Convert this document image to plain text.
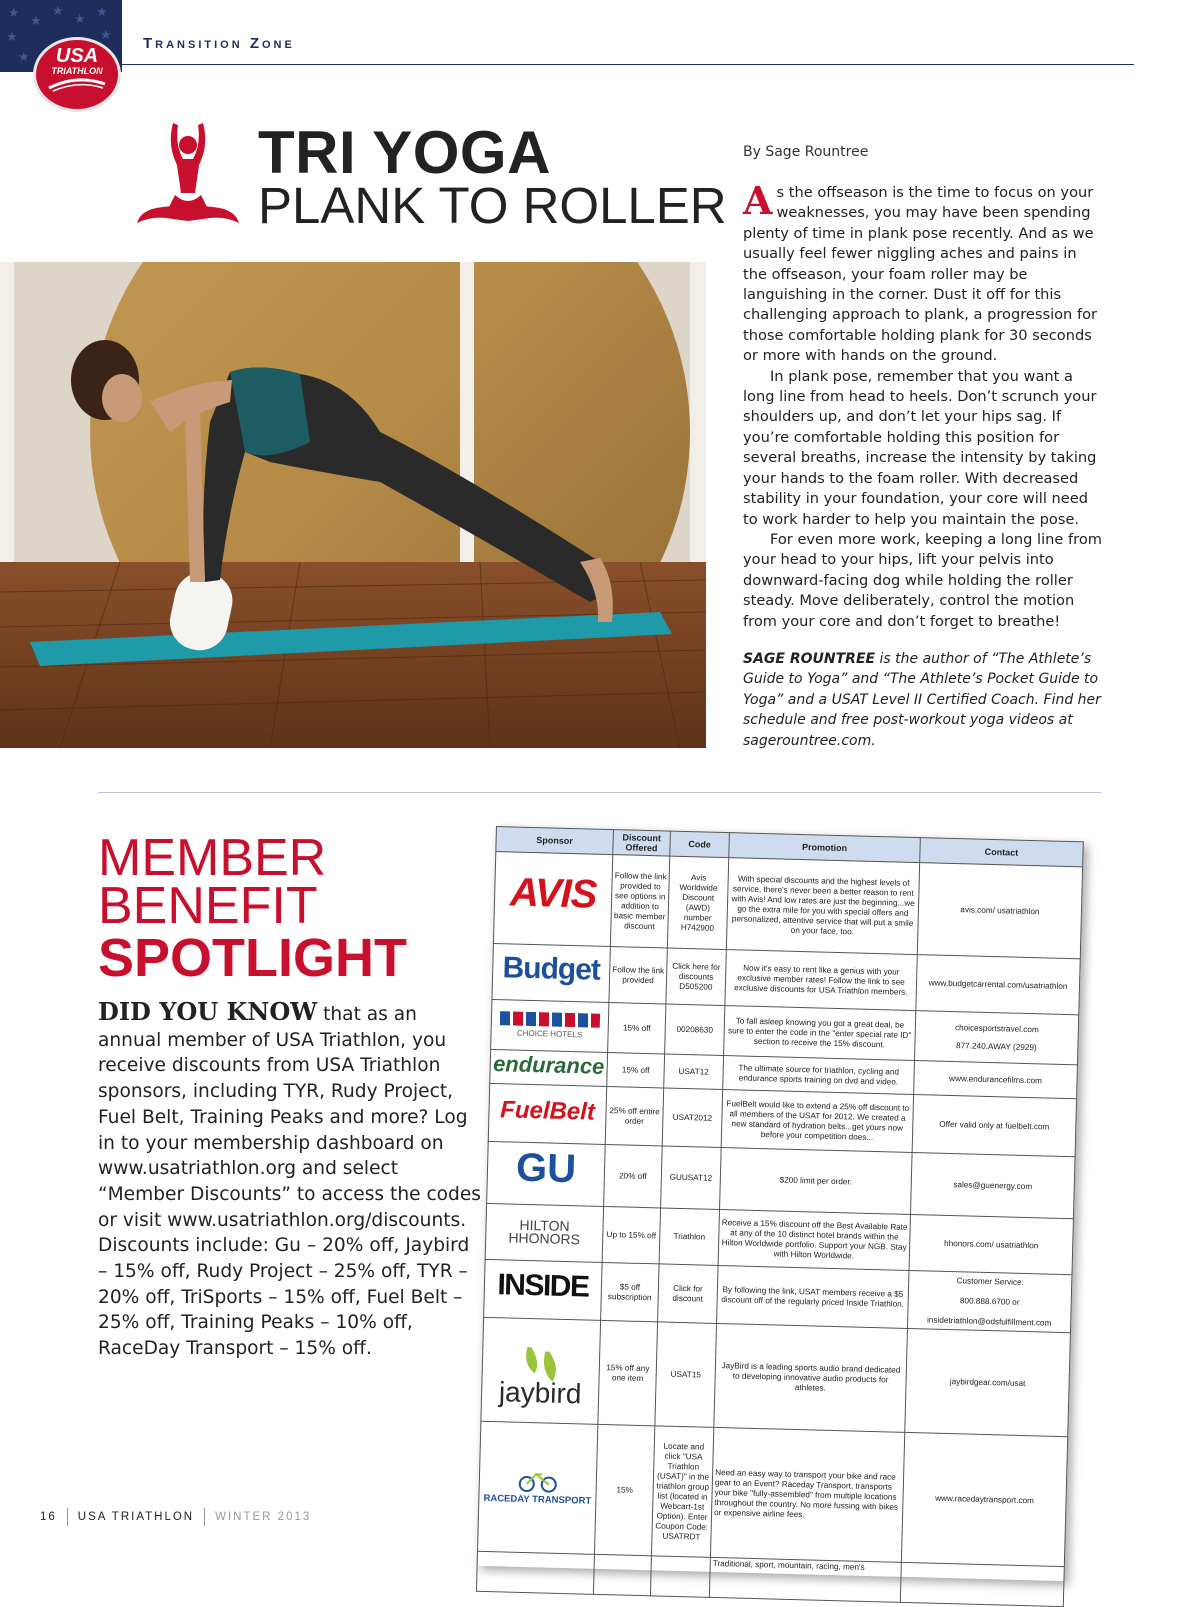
★
★
★
★ ★
★
★
★
USA
TRIATHLON
Transition Zone
TRI YOGA
PLANK TO ROLLER
By Sage Rountree

As the offseason is the time to focus on your weaknesses, you may have been spending plenty of time in plank pose recently. And as we usually feel fewer niggling aches and pains in the offseason, your foam roller may be languishing in the corner. Dust it off for this challenging approach to plank, a progression for those comfortable holding plank for 30 seconds or more with hands on the ground.

In plank pose, remember that you want a long line from head to heels. Don’t scrunch your shoulders up, and don’t let your hips sag. If you’re comfortable holding this position for several breaths, increase the intensity by taking your hands to the foam roller. With decreased stability in your foundation, your core will need to work harder to help you maintain the pose.

For even more work, keeping a long line from your head to your hips, lift your pelvis into downward-facing dog while holding the roller steady. Move deliberately, control the motion from your core and don’t forget to breathe!

SAGE ROUNTREE is the author of “The Athlete’s Guide to Yoga” and “The Athlete’s Pocket Guide to Yoga” and a USAT Level II Certified Coach. Find her schedule and free post-workout yoga videos at sagerountree.com.
MEMBER
BENEFIT
SPOTLIGHT
DID YOU KNOW that as an annual member of USA Triathlon, you receive discounts from USA Triathlon sponsors, including TYR, Rudy Project, Fuel Belt, Training Peaks and more? Log in to your membership dashboard on www.usatriathlon.org and select “Member Discounts” to access the codes or visit www.usatriathlon.org/discounts. Discounts include: Gu – 20% off, Jaybird – 15% off, Rudy Project – 25% off, TYR – 20% off, TriSports – 15% off, Fuel Belt – 25% off, Training Peaks – 10% off, RaceDay Transport – 15% off.
Sponsor	Discount Offered	Code	Promotion	Contact
AVIS	Follow the link provided to see options in addition to basic member discount	Avis Worldwide Discount (AWD) number H742900	With special discounts and the highest levels of service, there's never been a better reason to rent with Avis! And low rates are just the beginning...we go the extra mile for you with special offers and personalized, attentive service that will put a smile on your face, too.	avis.com/ usatriathlon
Budget	Follow the link provided	Click here for discounts D505200	Now it's easy to rent like a genius with your exclusive member rates! Follow the link to see exclusive discounts for USA Triathlon members.	www.budgetcarrental.com/usatriathlon

CHOICE HOTELS	15% off	00208630	To fall asleep knowing you got a great deal, be sure to enter the code in the "enter special rate ID" section to receive the 15% discount.	choicesportstravel.com
877.240.AWAY (2929)

endurance	15% off	USAT12	The ultimate source for triathlon, cycling and endurance sports training on dvd and video.	www.endurancefilms.com
FuelBelt	25% off entire order	USAT2012	FuelBelt would like to extend a 25% off discount to all members of the USAT for 2012. We created a new standard of hydration belts...get yours now before your competition does...	Offer valid only at fuelbelt.com
GU	20% off	GUUSAT12	$200 limit per order.	sales@guenergy.com
HILTON HHONORS	Up to 15% off	Triathlon	Receive a 15% discount off the Best Available Rate at any of the 10 distinct hotel brands within the Hilton Worldwide portfolio. Support your NGB. Stay with Hilton Worldwide.	hhonors.com/ usatriathlon
INSIDE	$5 off subscription	Click for discount	By following the link, USAT members receive a $5 discount off of the regularly priced Inside Triathlon.	Customer Service:
800.888.6700 or
insidetriathlon@odsfulfillment.com

jaybird	15% off any one item	USAT15	JayBird is a leading sports audio brand dedicated to developing innovative audio products for athletes.	jaybirdgear.com/usat

RACEDAY TRANSPORT	15%	Locate and click "USA Triathlon (USAT)" in the triathlon group list (located in Webcart-1st Option). Enter Coupon Code: USATRDT	Need an easy way to transport your bike and race gear to an Event? Raceday Transport, transports your bike "fully-assembled" from multiple locations throughout the country. No more fussing with bikes or expensive airline fees.	www.racedaytransport.com
			Traditional, sport, mountain, racing, men's	
16 USA TRIATHLON WINTER 2013
